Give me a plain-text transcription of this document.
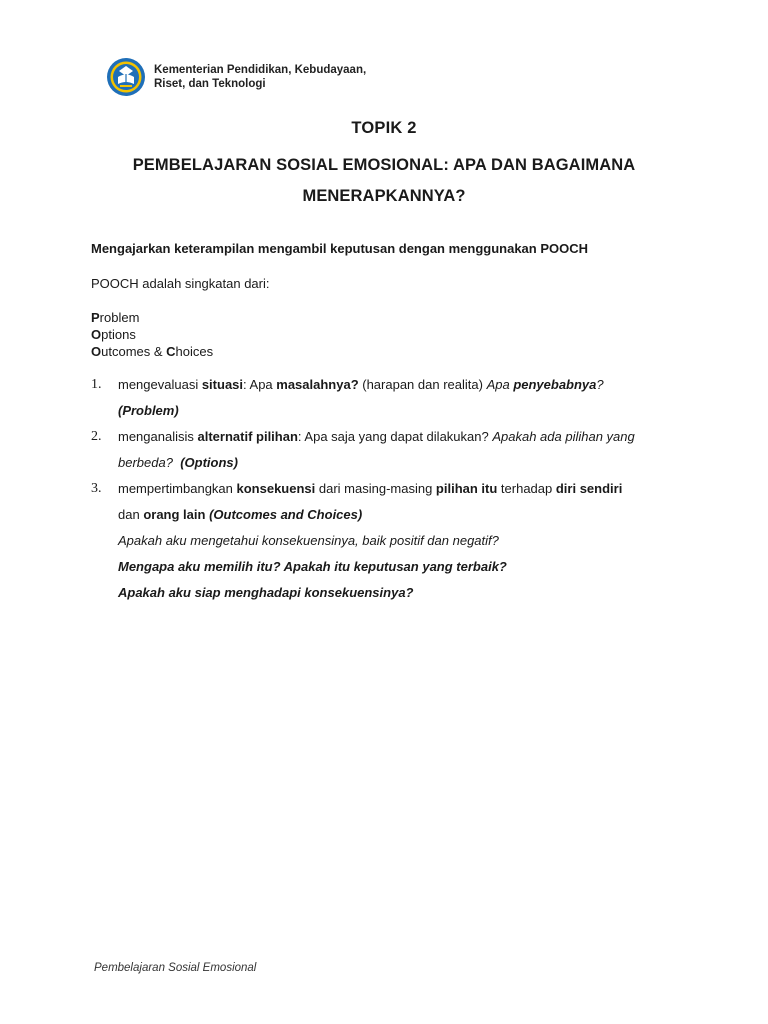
Kementerian Pendidikan, Kebudayaan,
Riset, dan Teknologi
TOPIK 2
PEMBELAJARAN SOSIAL EMOSIONAL: APA DAN BAGAIMANA
MENERAPKANNYA?
Mengajarkan keterampilan mengambil keputusan dengan menggunakan POOCH
POOCH adalah singkatan dari:
Problem
Options
Outcomes & Choices
1. mengevaluasi situasi: Apa masalahnya? (harapan dan realita) Apa penyebabnya?
(Problem)
2. menganalisis alternatif pilihan: Apa saja yang dapat dilakukan? Apakah ada pilihan yang
berbeda? (Options)
3. mempertimbangkan konsekuensi dari masing-masing pilihan itu terhadap diri sendiri
dan orang lain (Outcomes and Choices)
Apakah aku mengetahui konsekuensinya, baik positif dan negatif?
Mengapa aku memilih itu? Apakah itu keputusan yang terbaik?
Apakah aku siap menghadapi konsekuensinya?
Pembelajaran Sosial Emosional
